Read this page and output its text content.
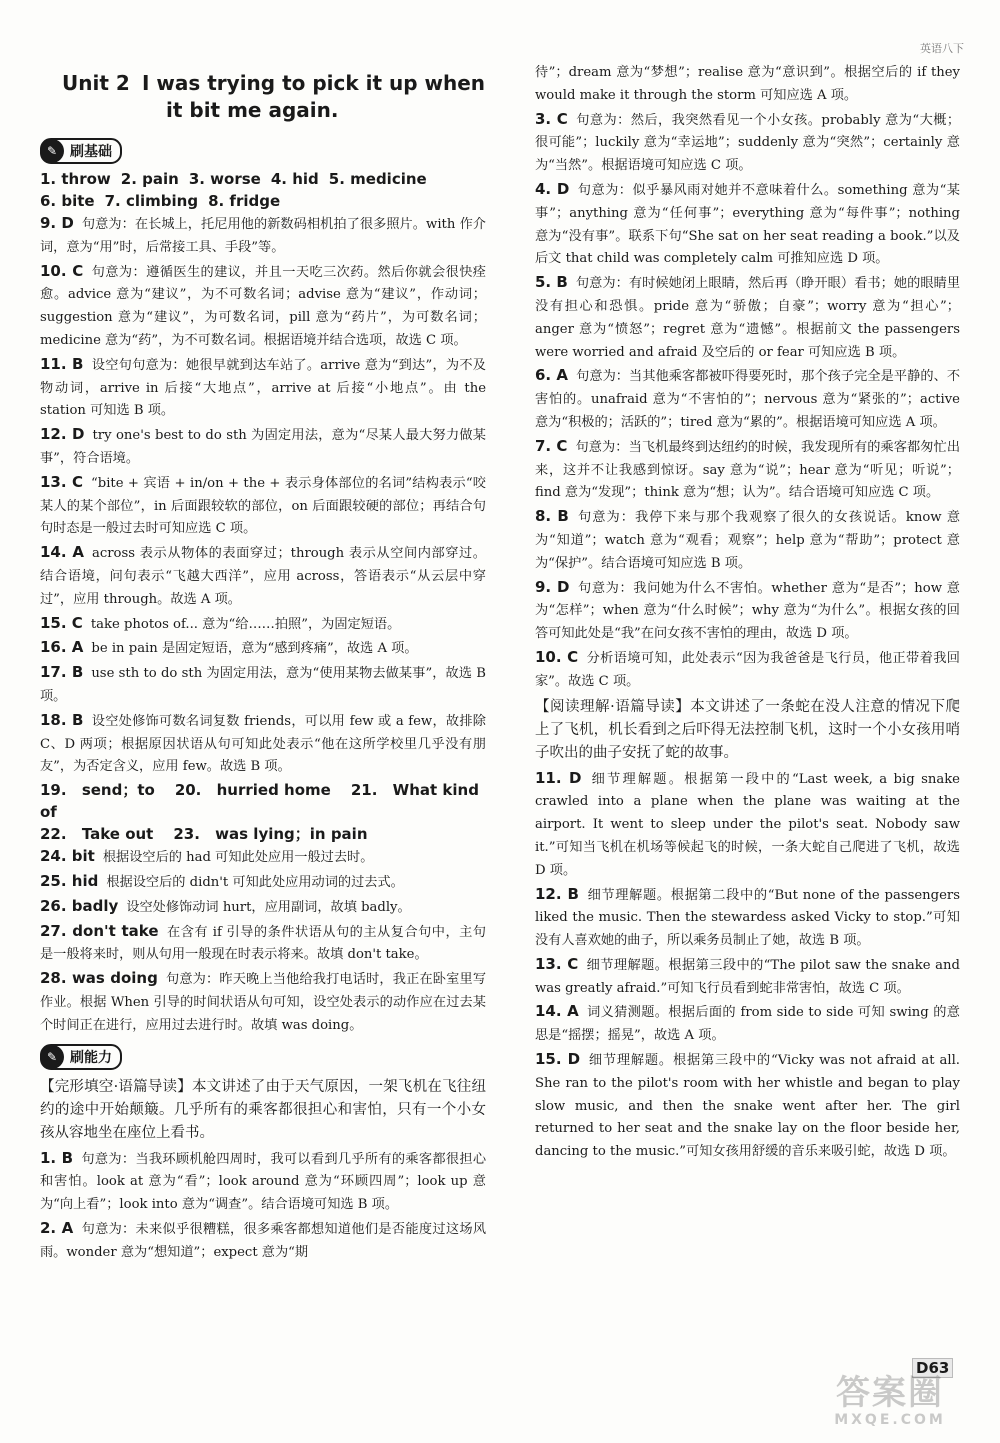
英语八下
Unit 2 I was trying to pick it up when
it bit me again.
✎ 刷基础
1. throw 2. pain 3. worse 4. hid 5. medicine
6. bite 7. climbing 8. fridge

9. D 句意为：在长城上，托尼用他的新数码相机拍了很多照片。with 作介词，意为“用”时，后常接工具、手段”等。

10. C 句意为：遵循医生的建议，并且一天吃三次药。然后你就会很快痊愈。advice 意为“建议”，为不可数名词；advise 意为“建议”，作动词；suggestion 意为“建议”，为可数名词，pill 意为“药片”，为可数名词；medicine 意为“药”，为不可数名词。根据语境并结合选项，故选 C 项。

11. B 设空句句意为：她很早就到达车站了。arrive 意为“到达”，为不及物动词，arrive in 后接“大地点”，arrive at 后接“小地点”。由 the station 可知选 B 项。

12. D try one's best to do sth 为固定用法，意为“尽某人最大努力做某事”，符合语境。

13. C “bite + 宾语 + in/on + the + 表示身体部位的名词”结构表示“咬某人的某个部位”，in 后面跟较软的部位，on 后面跟较硬的部位；再结合句句时态是一般过去时可知应选 C 项。

14. A across 表示从物体的表面穿过；through 表示从空间内部穿过。结合语境，问句表示“飞越大西洋”，应用 across，答语表示“从云层中穿过”，应用 through。故选 A 项。

15. C take photos of... 意为“给……拍照”，为固定短语。

16. A be in pain 是固定短语，意为“感到疼痛”，故选 A 项。

17. B use sth to do sth 为固定用法，意为“使用某物去做某事”，故选 B 项。

18. B 设空处修饰可数名词复数 friends，可以用 few 或 a few，故排除 C、D 两项；根据原因状语从句可知此处表示“他在这所学校里几乎没有朋友”，为否定含义，应用 few。故选 B 项。

19. send；to 20. hurried home 21. What kind of
22. Take out 23. was lying；in pain

24. bit 根据设空后的 had 可知此处应用一般过去时。

25. hid 根据设空后的 didn't 可知此处应用动词的过去式。

26. badly 设空处修饰动词 hurt，应用副词，故填 badly。

27. don't take 在含有 if 引导的条件状语从句的主从复合句中，主句是一般将来时，则从句用一般现在时表示将来。故填 don't take。

28. was doing 句意为：昨天晚上当他给我打电话时，我正在卧室里写作业。根据 When 引导的时间状语从句可知，设空处表示的动作应在过去某个时间正在进行，应用过去进行时。故填 was doing。

✎ 刷能力

【完形填空·语篇导读】本文讲述了由于天气原因，一架飞机在飞往纽约的途中开始颠簸。几乎所有的乘客都很担心和害怕，只有一个小女孩从容地坐在座位上看书。

1. B 句意为：当我环顾机舱四周时，我可以看到几乎所有的乘客都很担心和害怕。look at 意为“看”；look around 意为“环顾四周”；look up 意为“向上看”；look into 意为“调查”。结合语境可知选 B 项。

2. A 句意为：未来似乎很糟糕，很多乘客都想知道他们是否能度过这场风雨。wonder 意为“想知道”；expect 意为“期

待”；dream 意为“梦想”；realise 意为“意识到”。根据空后的 if they would make it through the storm 可知应选 A 项。

3. C 句意为：然后，我突然看见一个小女孩。probably 意为“大概；很可能”；luckily 意为“幸运地”；suddenly 意为“突然”；certainly 意为“当然”。根据语境可知应选 C 项。

4. D 句意为：似乎暴风雨对她并不意味着什么。something 意为“某事”；anything 意为“任何事”；everything 意为“每件事”；nothing 意为“没有事”。联系下句“She sat on her seat reading a book.”以及后文 that child was completely calm 可推知应选 D 项。

5. B 句意为：有时候她闭上眼睛，然后再（睁开眼）看书；她的眼睛里没有担心和恐惧。pride 意为“骄傲；自豪”；worry 意为“担心”；anger 意为“愤怒”；regret 意为“遗憾”。根据前文 the passengers were worried and afraid 及空后的 or fear 可知应选 B 项。

6. A 句意为：当其他乘客都被吓得要死时，那个孩子完全是平静的、不害怕的。unafraid 意为“不害怕的”；nervous 意为“紧张的”；active 意为“积极的；活跃的”；tired 意为“累的”。根据语境可知应选 A 项。

7. C 句意为：当飞机最终到达纽约的时候，我发现所有的乘客都匆忙出来，这并不让我感到惊讶。say 意为“说”；hear 意为“听见；听说”；find 意为“发现”；think 意为“想；认为”。结合语境可知应选 C 项。

8. B 句意为：我停下来与那个我观察了很久的女孩说话。know 意为“知道”；watch 意为“观看；观察”；help 意为“帮助”；protect 意为“保护”。结合语境可知应选 B 项。

9. D 句意为：我问她为什么不害怕。whether 意为“是否”；how 意为“怎样”；when 意为“什么时候”；why 意为“为什么”。根据女孩的回答可知此处是“我”在问女孩不害怕的理由，故选 D 项。

10. C 分析语境可知，此处表示“因为我爸爸是飞行员，他正带着我回家”。故选 C 项。

【阅读理解·语篇导读】本文讲述了一条蛇在没人注意的情况下爬上了飞机，机长看到之后吓得无法控制飞机，这时一个小女孩用哨子吹出的曲子安抚了蛇的故事。

11. D 细节理解题。根据第一段中的“Last week, a big snake crawled into a plane when the plane was waiting at the airport. It went to sleep under the pilot's seat. Nobody saw it.”可知当飞机在机场等候起飞的时候，一条大蛇自己爬进了飞机，故选 D 项。

12. B 细节理解题。根据第二段中的“But none of the passengers liked the music. Then the stewardess asked Vicky to stop.”可知没有人喜欢她的曲子，所以乘务员制止了她，故选 B 项。

13. C 细节理解题。根据第三段中的“The pilot saw the snake and was greatly afraid.”可知飞行员看到蛇非常害怕，故选 C 项。

14. A 词义猜测题。根据后面的 from side to side 可知 swing 的意思是“摇摆；摇晃”，故选 A 项。

15. D 细节理解题。根据第三段中的“Vicky was not afraid at all. She ran to the pilot's room with her whistle and began to play slow music, and then the snake went after her. The girl returned to her seat and the snake lay on the floor beside her, dancing to the music.”可知女孩用舒缓的音乐来吸引蛇，故选 D 项。

D63
答案圈
MXQE.COM
